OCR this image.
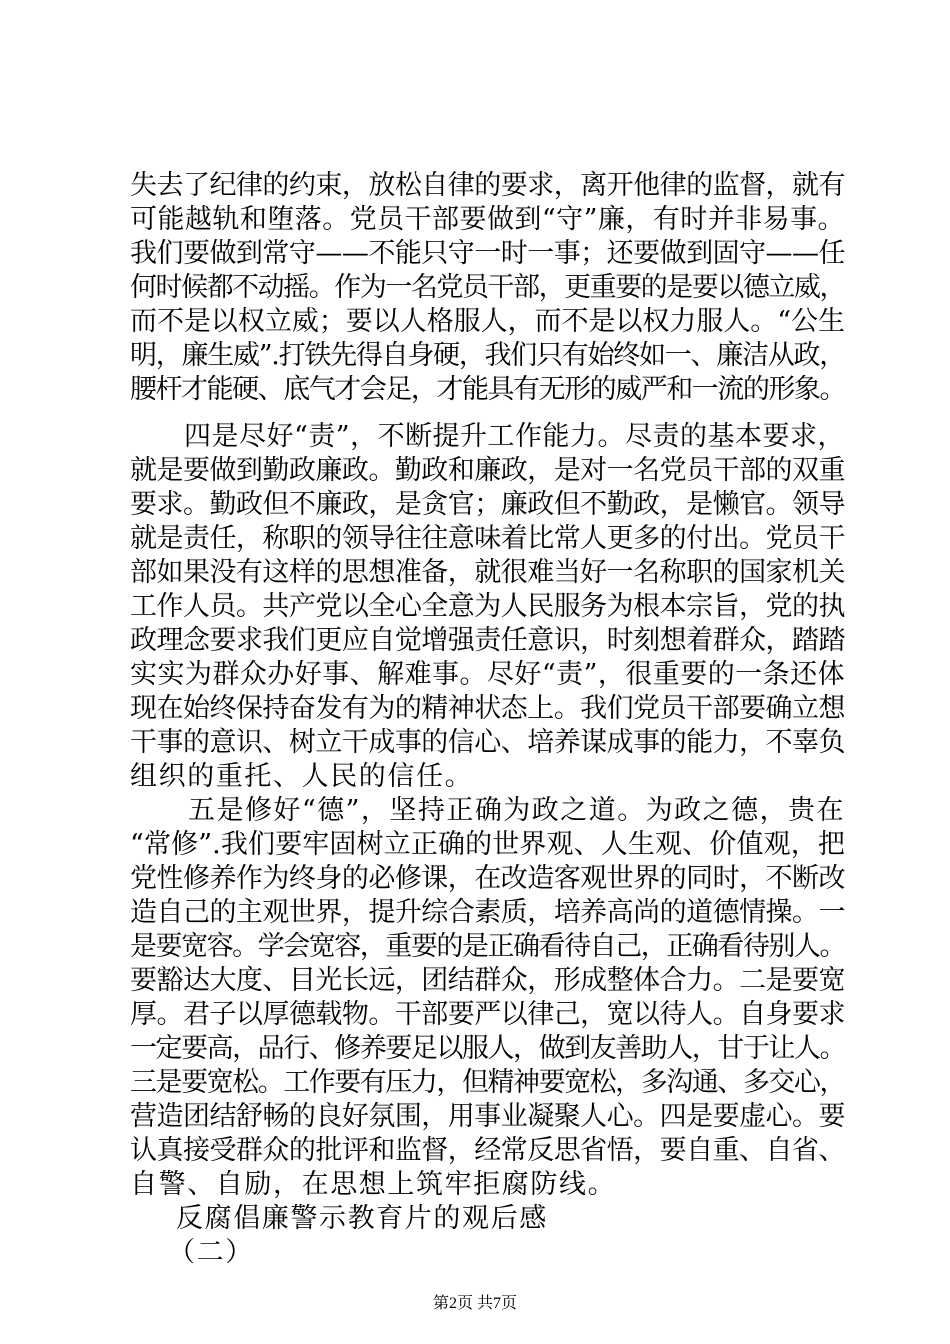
失去了纪律的约束，放松自律的要求，离开他律的监督，就有
可能越轨和堕落。党员干部要做到“守”廉，有时并非易事。
我们要做到常守——不能只守一时一事；还要做到固守——任
何时候都不动摇。作为一名党员干部，更重要的是要以德立威，
而不是以权立威；要以人格服人，而不是以权力服人。“公生
明，廉生威”.打铁先得自身硬，我们只有始终如一、廉洁从政，
腰杆才能硬、底气才会足，才能具有无形的威严和一流的形象。
四是尽好“责”，不断提升工作能力。尽责的基本要求，
就是要做到勤政廉政。勤政和廉政，是对一名党员干部的双重
要求。勤政但不廉政，是贪官；廉政但不勤政，是懒官。领导
就是责任，称职的领导往往意味着比常人更多的付出。党员干
部如果没有这样的思想准备，就很难当好一名称职的国家机关
工作人员。共产党以全心全意为人民服务为根本宗旨，党的执
政理念要求我们更应自觉增强责任意识，时刻想着群众，踏踏
实实为群众办好事、解难事。尽好“责”，很重要的一条还体
现在始终保持奋发有为的精神状态上。我们党员干部要确立想
干事的意识、树立干成事的信心、培养谋成事的能力，不辜负
组织的重托、人民的信任。
五是修好“德”，坚持正确为政之道。为政之德，贵在
“常修”.我们要牢固树立正确的世界观、人生观、价值观，把
党性修养作为终身的必修课，在改造客观世界的同时，不断改
造自己的主观世界，提升综合素质，培养高尚的道德情操。一
是要宽容。学会宽容，重要的是正确看待自己，正确看待别人。
要豁达大度、目光长远，团结群众，形成整体合力。二是要宽
厚。君子以厚德载物。干部要严以律己，宽以待人。自身要求
一定要高，品行、修养要足以服人，做到友善助人，甘于让人。
三是要宽松。工作要有压力，但精神要宽松，多沟通、多交心，
营造团结舒畅的良好氛围，用事业凝聚人心。四是要虚心。要
认真接受群众的批评和监督，经常反思省悟，要自重、自省、
自警、自励，在思想上筑牢拒腐防线。
反腐倡廉警示教育片的观后感
（二）
第2页 共7页
